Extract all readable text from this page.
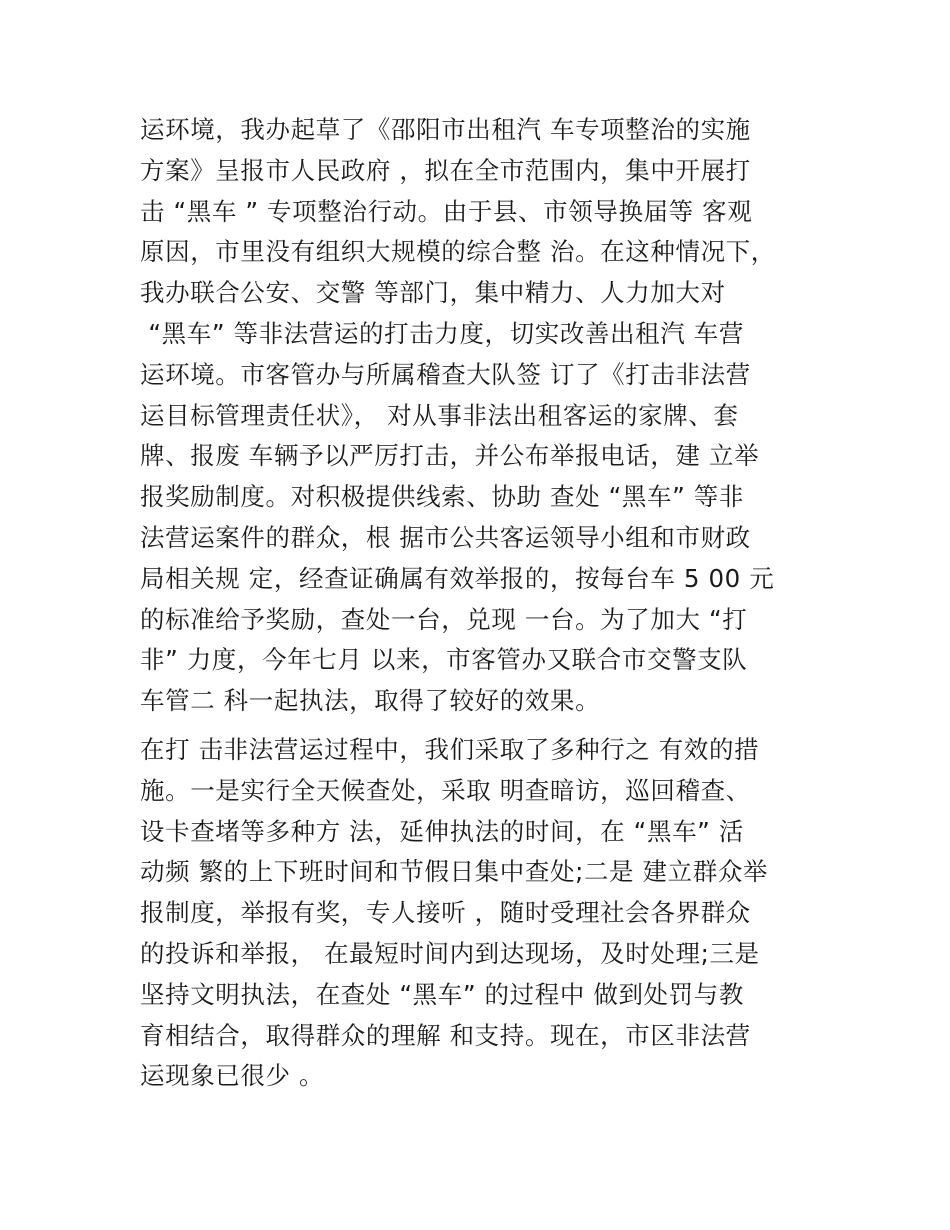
运环境，我办起草了《邵阳市出租汽 车专项整治的实施
方案》呈报市人民政府 ，拟在全市范围内，集中开展打
击 “黑车 ” 专项整治行动。由于县、市领导换届等 客观
原因，市里没有组织大规模的综合整 治。在这种情况下，
我办联合公安、交警 等部门，集中精力、人力加大对
“黑车” 等非法营运的打击力度，切实改善出租汽 车营
运环境。市客管办与所属稽查大队签 订了《打击非法营
运目标管理责任状》， 对从事非法出租客运的家牌、套
牌、报废 车辆予以严厉打击，并公布举报电话，建 立举
报奖励制度。对积极提供线索、协助 查处 “黑车” 等非
法营运案件的群众，根 据市公共客运领导小组和市财政
局相关规 定，经查证确属有效举报的，按每台车 5 00 元
的标准给予奖励，查处一台，兑现 一台。为了加大 “打
非” 力度，今年七月 以来，市客管办又联合市交警支队
车管二 科一起执法，取得了较好的效果。

在打 击非法营运过程中，我们采取了多种行之 有效的措
施。一是实行全天候查处，采取 明查暗访，巡回稽查、
设卡查堵等多种方 法，延伸执法的时间，在 “黑车” 活
动频 繁的上下班时间和节假日集中查处;二是 建立群众举
报制度，举报有奖，专人接听 ，随时受理社会各界群众
的投诉和举报， 在最短时间内到达现场，及时处理;三是
坚持文明执法，在查处 “黑车” 的过程中 做到处罚与教
育相结合，取得群众的理解 和支持。现在，市区非法营
运现象已很少 。
